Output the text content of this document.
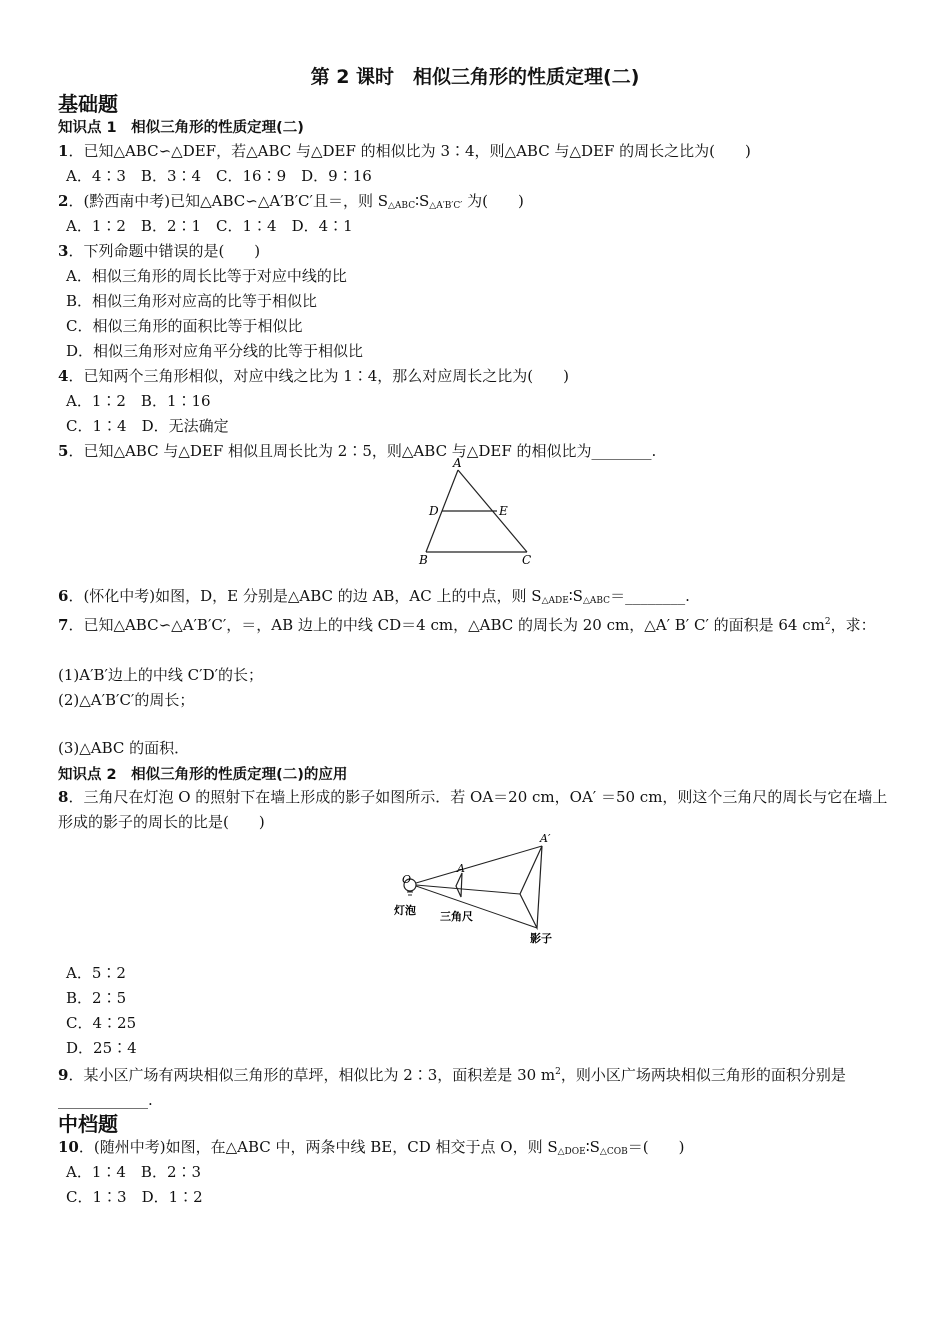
第 2 课时　相似三角形的性质定理(二)
基础题
知识点 1　相似三角形的性质定理(二)
1．已知△ABC∽△DEF，若△ABC 与△DEF 的相似比为 3∶4，则△ABC 与△DEF 的周长之比为(　　)
A．4∶3　B．3∶4　C．16∶9　D．9∶16
2．(黔西南中考)已知△ABC∽△A′B′C′且＝，则 $S_{\triangle ABC}∶S_{\triangle A'B'C'}$ 为(　　)
A．1∶2　B．2∶1　C．1∶4　D．4∶1
3．下列命题中错误的是(　　)
A．相似三角形的周长比等于对应中线的比
B．相似三角形对应高的比等于相似比
C．相似三角形的面积比等于相似比
D．相似三角形对应角平分线的比等于相似比
4．已知两个三角形相似，对应中线之比为 1∶4，那么对应周长之比为(　　)
A．1∶2　B．1∶16
C．1∶4　D．无法确定
5．已知△ABC 与△DEF 相似且周长比为 2∶5，则△ABC 与△DEF 的相似比为________.
A
D	E
B	C
6．(怀化中考)如图，D，E 分别是△ABC 的边 AB，AC 上的中点，则 $S_{\triangle ADE}∶S_{\triangle ABC}=\_\_\_\_\_\_\_\_$.
7．已知△ABC∽△A′B′C′，＝，AB 边上的中线 CD＝4 cm，△ABC 的周长为 20 cm，△A′ B′ C′ 的面积是 64 $cm^2$，求：
(1)A′B′边上的中线 C′D′的长；
(2)△A′B′C′的周长；
(3)△ABC 的面积．
知识点 2　相似三角形的性质定理(二)的应用
8．三角尺在灯泡 O 的照射下在墙上形成的影子如图所示．若 OA＝20 cm，OA′ ＝50 cm，则这个三角尺的周长与它在墙上形成的影子的周长的比是(　　)
O
A
A′
灯泡 三角尺
影子
A．5∶2
B．2∶5
C．4∶25
D．25∶4
9．某小区广场有两块相似三角形的草坪，相似比为 2∶3，面积差是 30 $m^2$，则小区广场两块相似三角形的面积分别是____________.
中档题
10．(随州中考)如图，在△ABC 中，两条中线 BE，CD 相交于点 O，则 $S_{\triangle DOE}∶S_{\triangle COB}=$(　　)
A．1∶4　B．2∶3
C．1∶3　D．1∶2
